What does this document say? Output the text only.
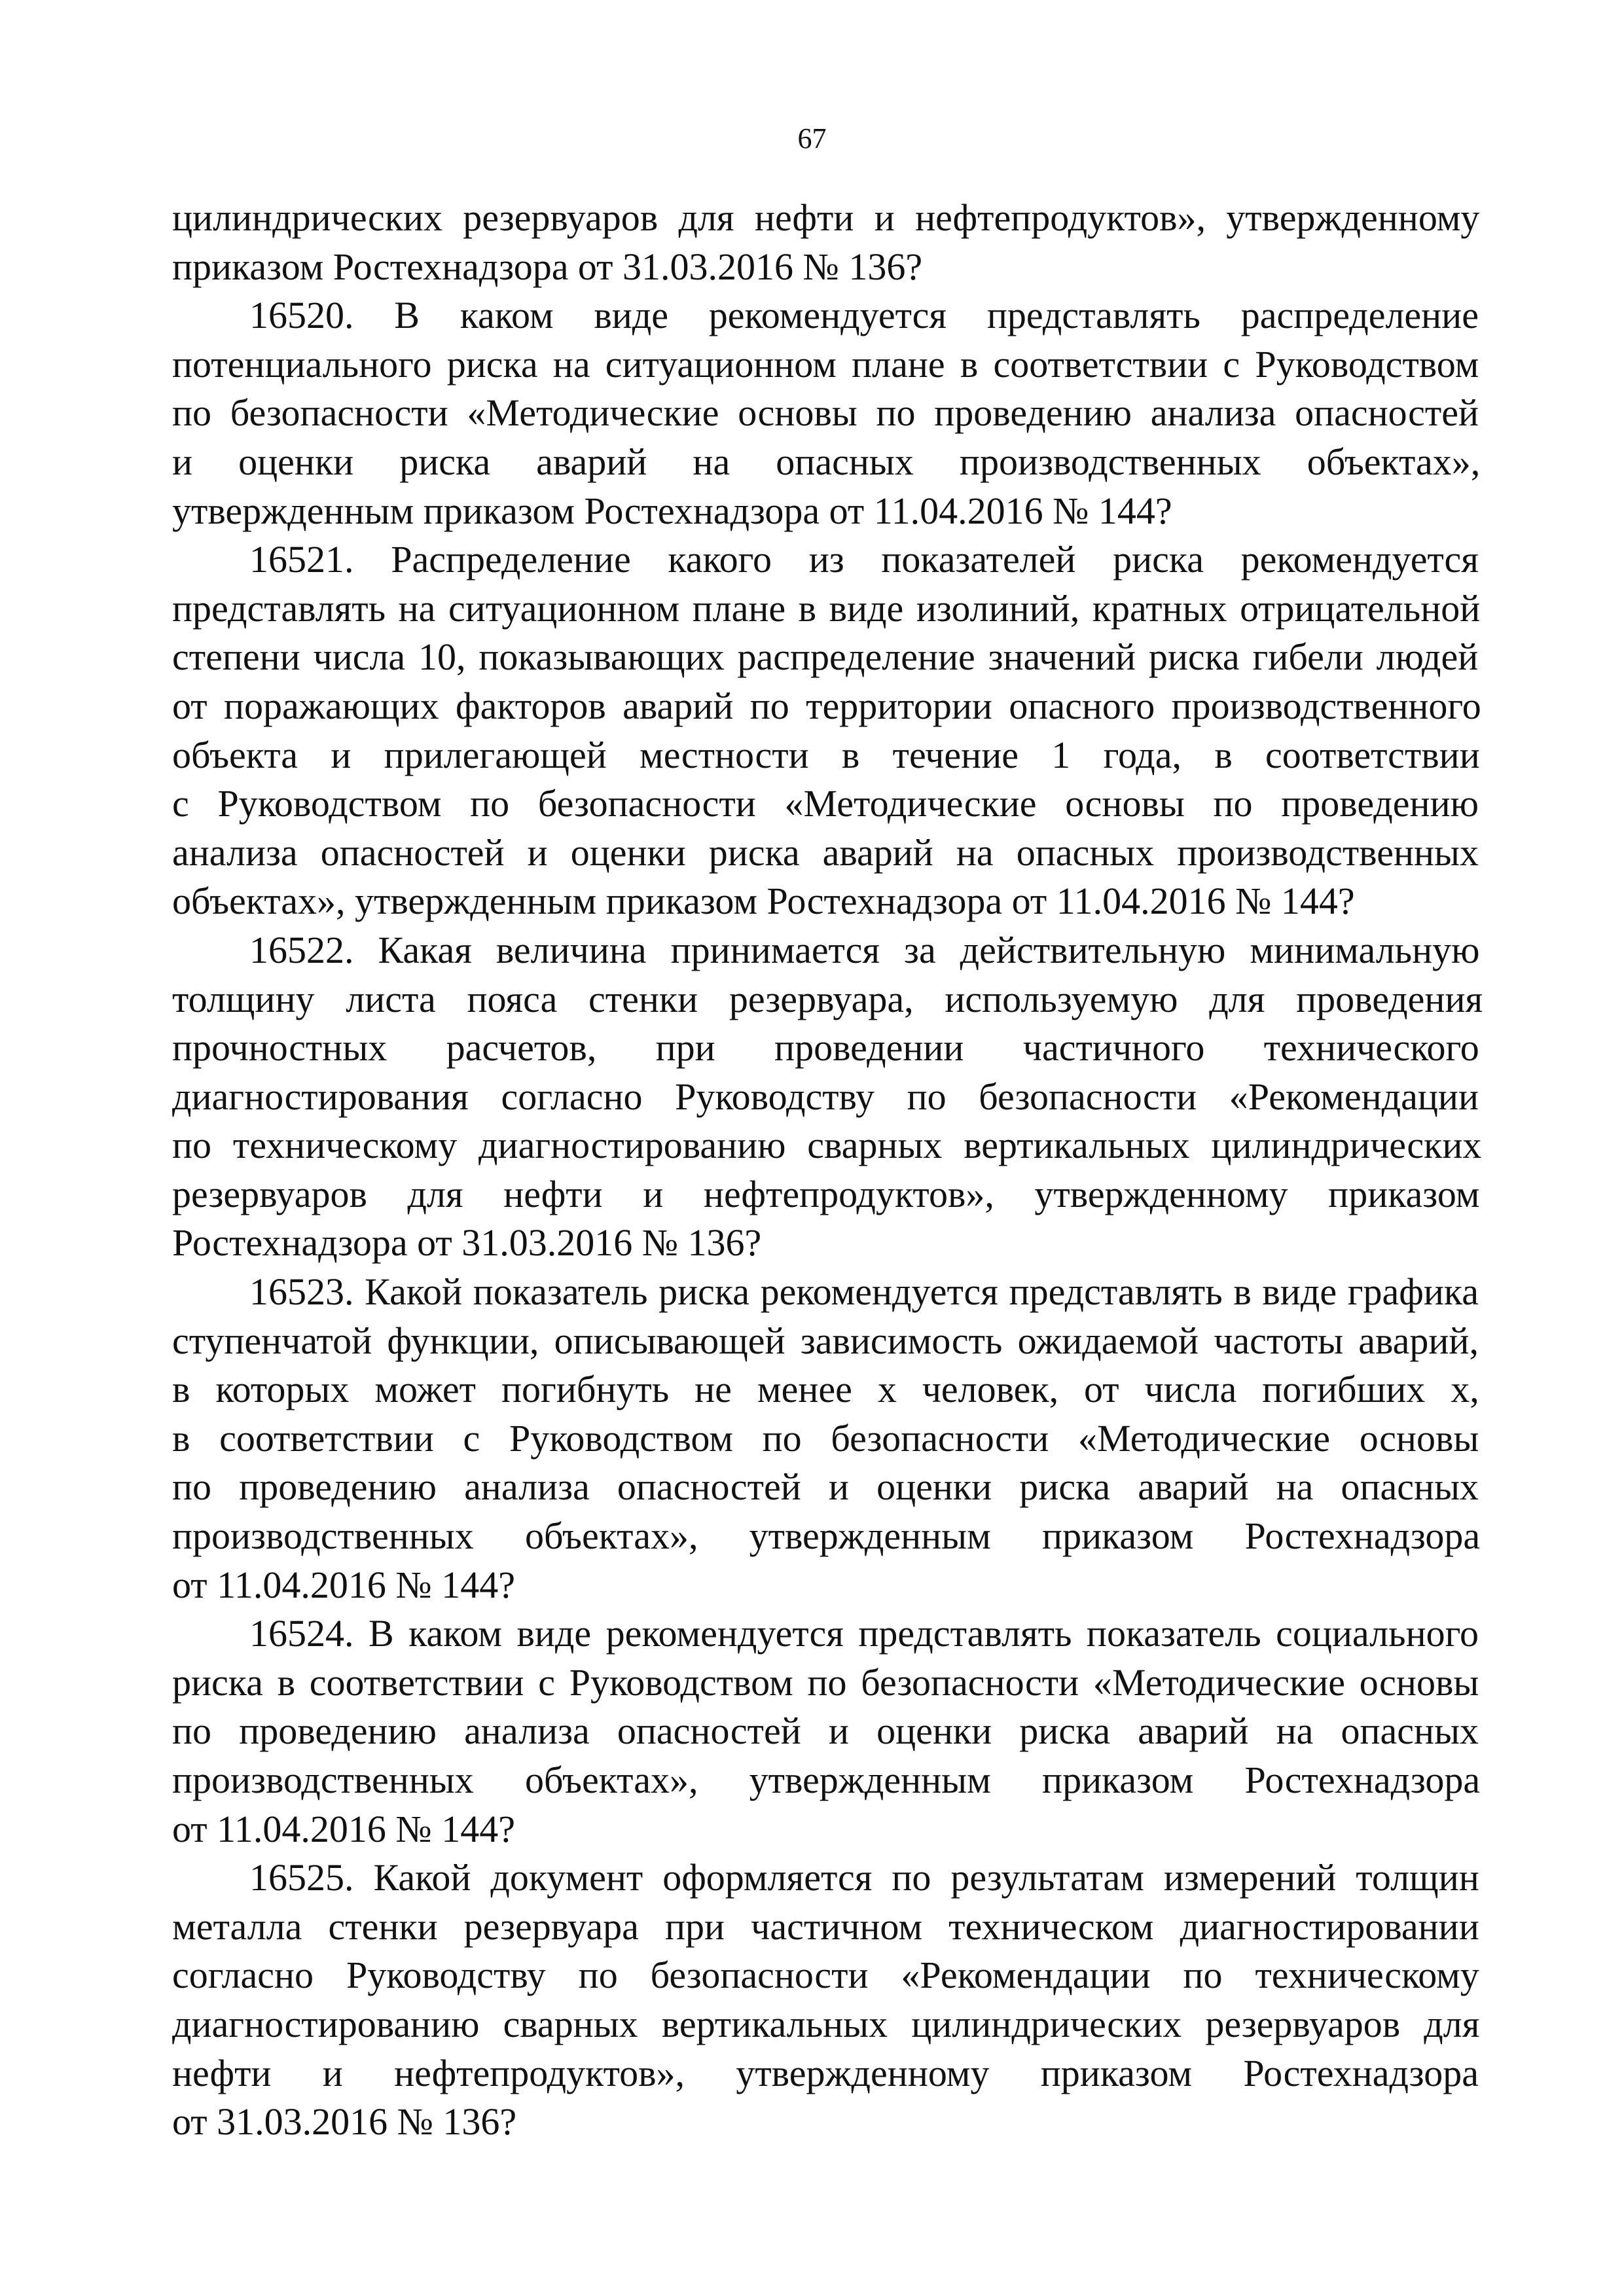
67
цилиндрических резервуаров для нефти и нефтепродуктов», утвержденному
приказом Ростехнадзора от 31.03.2016 № 136?
16520. В каком виде рекомендуется представлять распределение
потенциального риска на ситуационном плане в соответствии с Руководством
по безопасности «Методические основы по проведению анализа опасностей
и оценки риска аварий на опасных производственных объектах»,
утвержденным приказом Ростехнадзора от 11.04.2016 № 144?
16521. Распределение какого из показателей риска рекомендуется
представлять на ситуационном плане в виде изолиний, кратных отрицательной
степени числа 10, показывающих распределение значений риска гибели людей
от поражающих факторов аварий по территории опасного производственного
объекта и прилегающей местности в течение 1 года, в соответствии
с Руководством по безопасности «Методические основы по проведению
анализа опасностей и оценки риска аварий на опасных производственных
объектах», утвержденным приказом Ростехнадзора от 11.04.2016 № 144?
16522. Какая величина принимается за действительную минимальную
толщину листа пояса стенки резервуара, используемую для проведения
прочностных расчетов, при проведении частичного технического
диагностирования согласно Руководству по безопасности «Рекомендации
по техническому диагностированию сварных вертикальных цилиндрических
резервуаров для нефти и нефтепродуктов», утвержденному приказом
Ростехнадзора от 31.03.2016 № 136?
16523. Какой показатель риска рекомендуется представлять в виде графика
ступенчатой функции, описывающей зависимость ожидаемой частоты аварий,
в которых может погибнуть не менее x человек, от числа погибших x,
в соответствии с Руководством по безопасности «Методические основы
по проведению анализа опасностей и оценки риска аварий на опасных
производственных объектах», утвержденным приказом Ростехнадзора
от 11.04.2016 № 144?
16524. В каком виде рекомендуется представлять показатель социального
риска в соответствии с Руководством по безопасности «Методические основы
по проведению анализа опасностей и оценки риска аварий на опасных
производственных объектах», утвержденным приказом Ростехнадзора
от 11.04.2016 № 144?
16525. Какой документ оформляется по результатам измерений толщин
металла стенки резервуара при частичном техническом диагностировании
согласно Руководству по безопасности «Рекомендации по техническому
диагностированию сварных вертикальных цилиндрических резервуаров для
нефти и нефтепродуктов», утвержденному приказом Ростехнадзора
от 31.03.2016 № 136?
